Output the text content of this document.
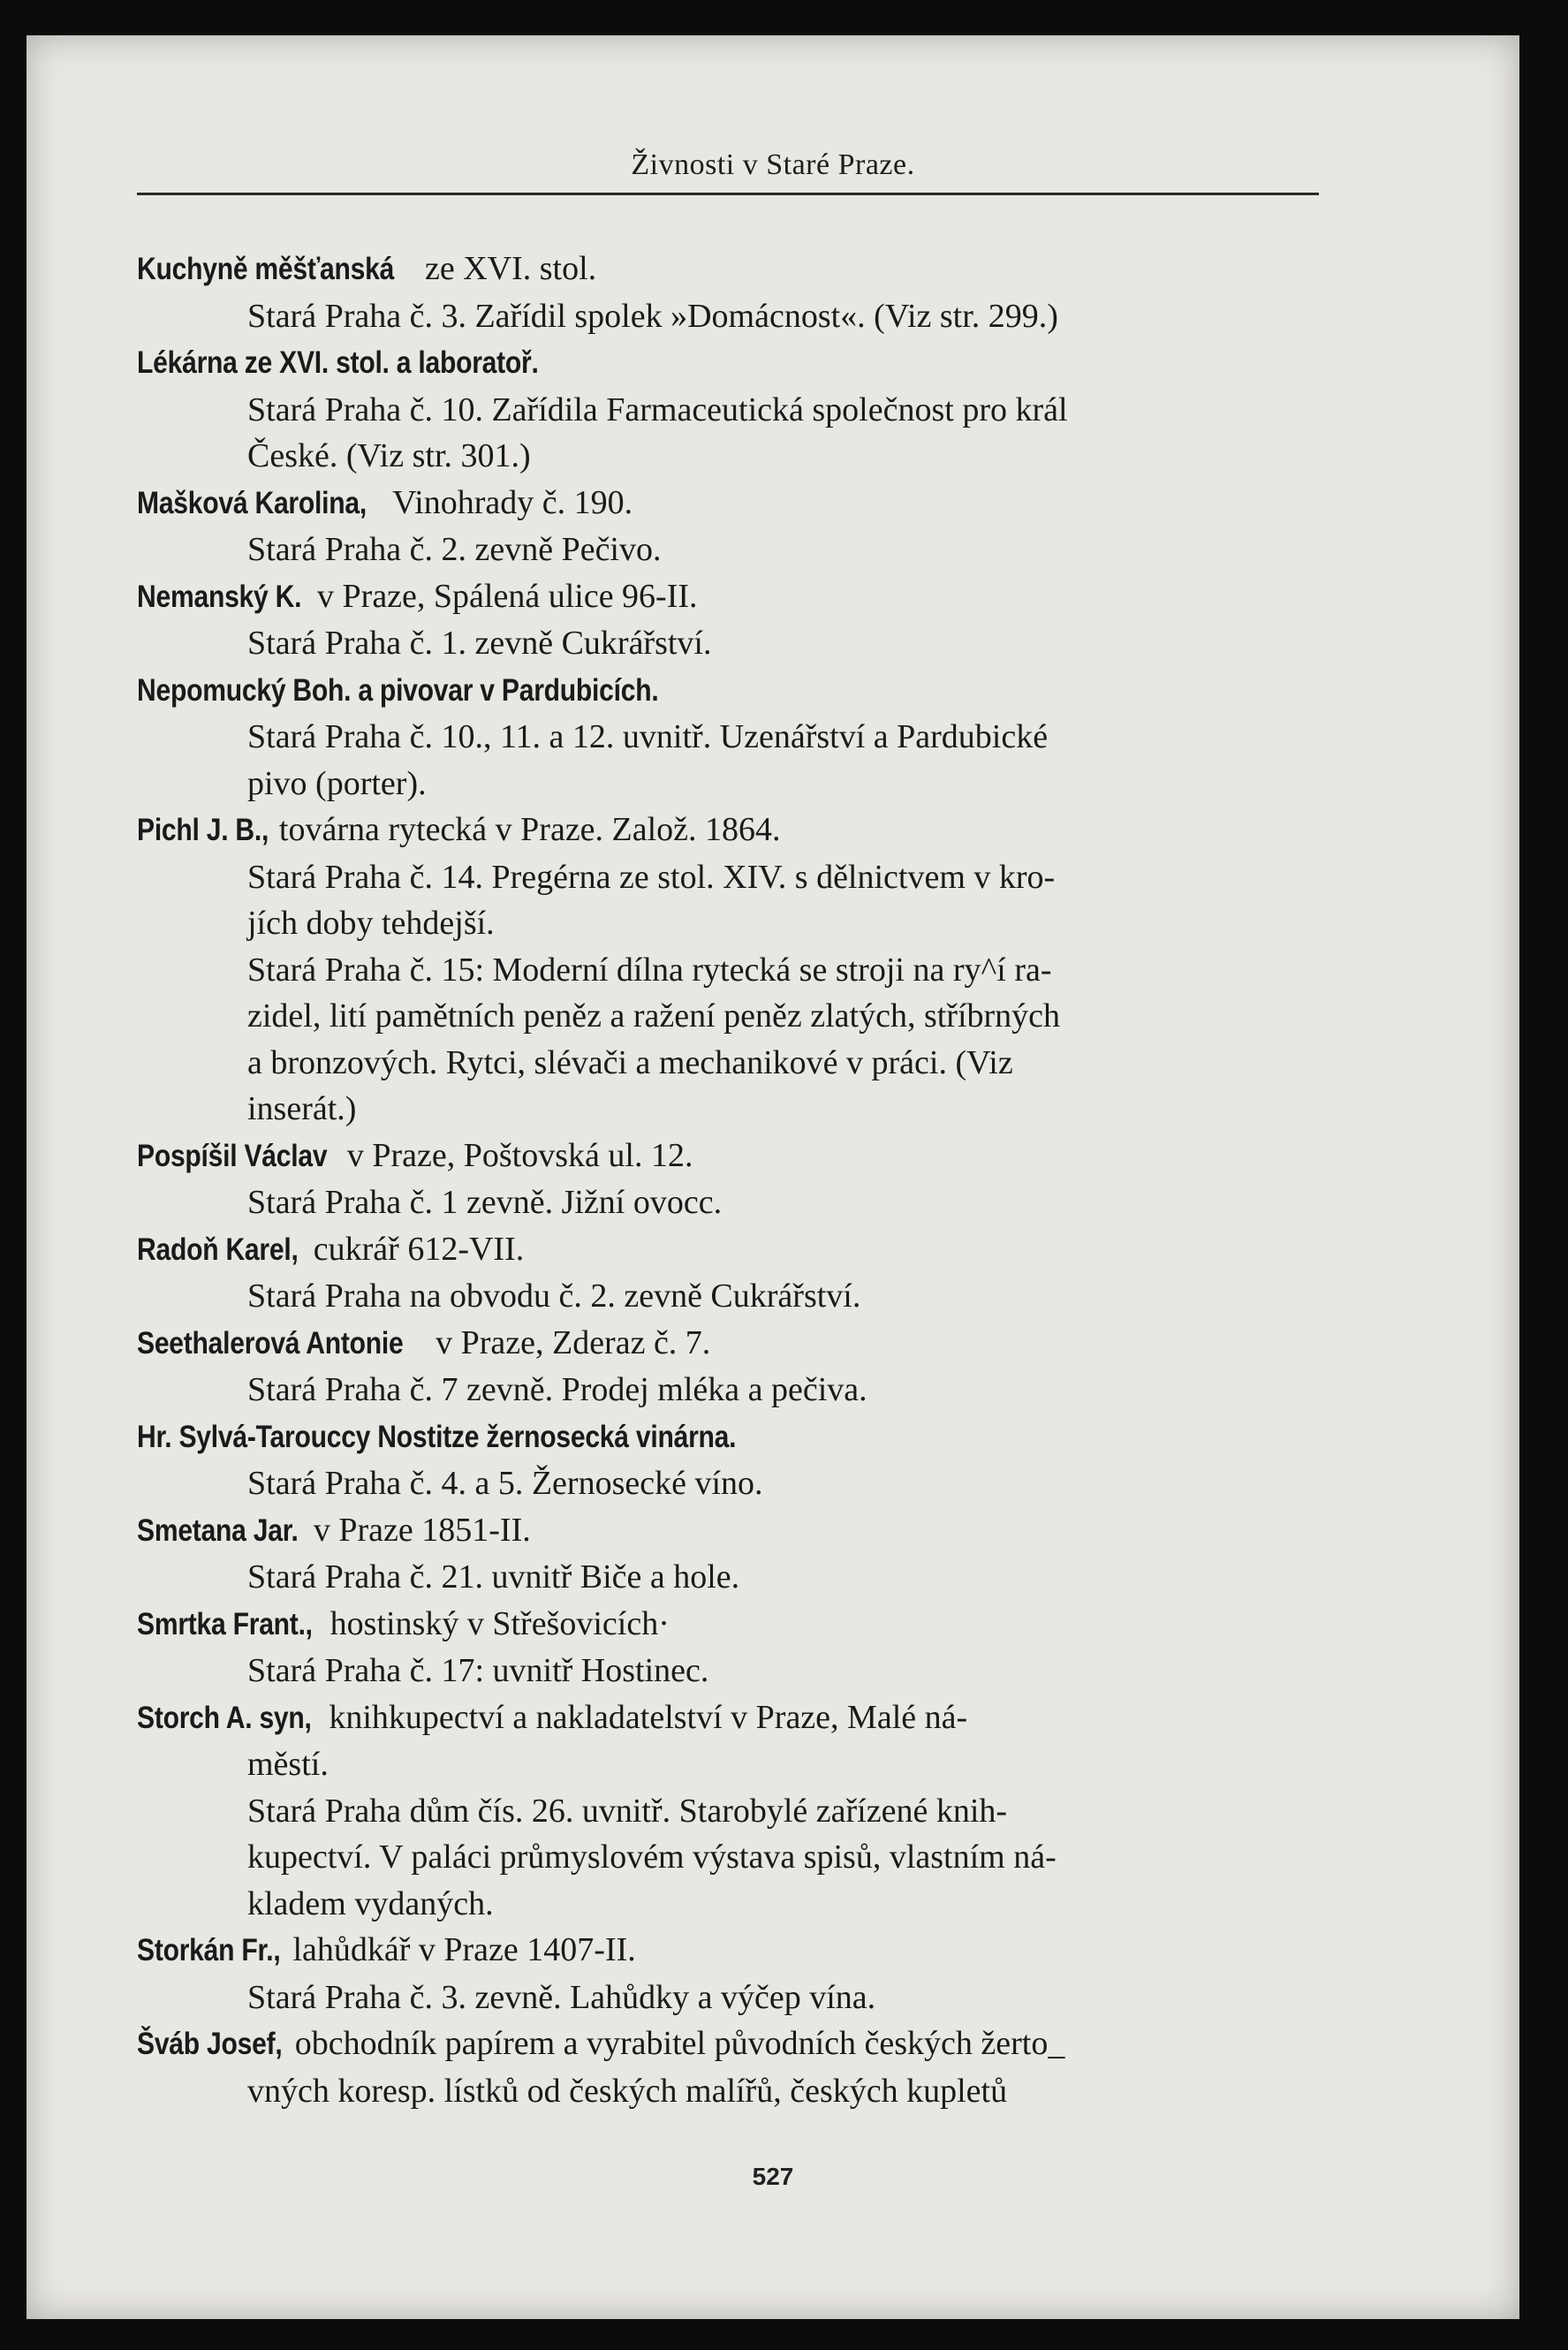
Živnosti v Staré Praze.
Kuchyně měšťanská ze XVI. stol.
Stará Praha č. 3. Zařídil spolek »Domácnost«. (Viz str. 299.)
Lékárna ze XVI. stol. a laboratoř.
Stará Praha č. 10. Zařídila Farmaceutická společnost pro král
České. (Viz str. 301.)
Mašková Karolina, Vinohrady č. 190.
Stará Praha č. 2. zevně Pečivo.
Nemanský K. v Praze, Spálená ulice 96-II.
Stará Praha č. 1. zevně Cukrářství.
Nepomucký Boh. a pivovar v Pardubicích.
Stará Praha č. 10., 11. a 12. uvnitř. Uzenářství a Pardubické
pivo (porter).
Pichl J. B., továrna rytecká v Praze. Založ. 1864.
Stará Praha č. 14. Pregérna ze stol. XIV. s dělnictvem v kro-
jích doby tehdejší.
Stará Praha č. 15: Moderní dílna rytecká se stroji na ry^í ra-
zidel, lití pamětních peněz a ražení peněz zlatých, stříbrných
a bronzových. Rytci, slévači a mechanikové v práci. (Viz
inserát.)
Pospíšil Václav v Praze, Poštovská ul. 12.
Stará Praha č. 1 zevně. Jižní ovocc.
Radoň Karel, cukrář 612-VII.
Stará Praha na obvodu č. 2. zevně Cukrářství.
Seethalerová Antonie v Praze, Zderaz č. 7.
Stará Praha č. 7 zevně. Prodej mléka a pečiva.
Hr. Sylvá-Tarouccy Nostitze žernosecká vinárna.
Stará Praha č. 4. a 5. Žernosecké víno.
Smetana Jar. v Praze 1851-II.
Stará Praha č. 21. uvnitř Biče a hole.
Smrtka Frant., hostinský v Střešovicích·
Stará Praha č. 17: uvnitř Hostinec.
Storch A. syn, knihkupectví a nakladatelství v Praze, Malé ná-
městí.
Stará Praha dům čís. 26. uvnitř. Starobylé zařízené knih-
kupectví. V paláci průmyslovém výstava spisů, vlastním ná-
kladem vydaných.
Storkán Fr., lahůdkář v Praze 1407-II.
Stará Praha č. 3. zevně. Lahůdky a výčep vína.
Šváb Josef, obchodník papírem a vyrabitel původních českých žerto_
vných koresp. lístků od českých malířů, českých kupletů
527
